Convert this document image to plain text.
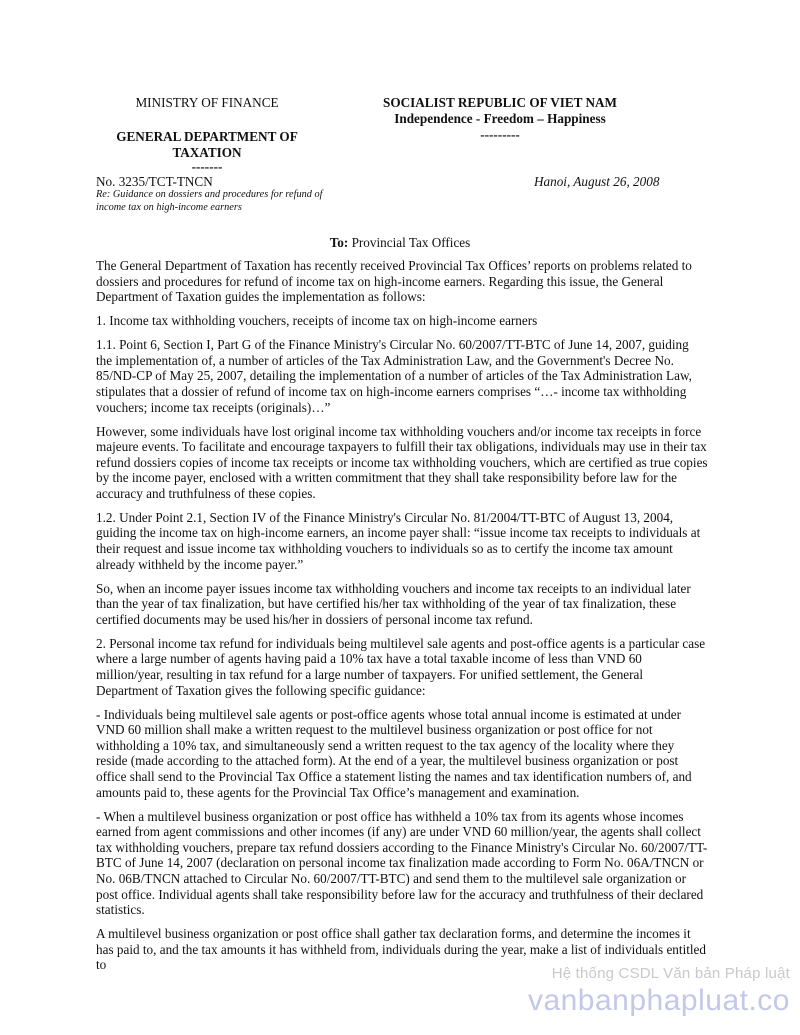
MINISTRY OF FINANCE
GENERAL DEPARTMENT OF TAXATION
-------
SOCIALIST REPUBLIC OF VIET NAM
Independence - Freedom – Happiness
---------
No. 3235/TCT-TNCN	Hanoi, August 26, 2008
Re: Guidance on dossiers and procedures for refund of income tax on high-income earners
To: Provincial Tax Offices

The General Department of Taxation has recently received Provincial Tax Offices’ reports on problems related to dossiers and procedures for refund of income tax on high-income earners. Regarding this issue, the General Department of Taxation guides the implementation as follows:

1. Income tax withholding vouchers, receipts of income tax on high-income earners

1.1. Point 6, Section I, Part G of the Finance Ministry's Circular No. 60/2007/TT-BTC of June 14, 2007, guiding the implementation of, a number of articles of the Tax Administration Law, and the Government's Decree No. 85/ND-CP of May 25, 2007, detailing the implementation of a number of articles of the Tax Administration Law, stipulates that a dossier of refund of income tax on high-income earners comprises “…- income tax withholding vouchers; income tax receipts (originals)…”

However, some individuals have lost original income tax withholding vouchers and/or income tax receipts in force majeure events. To facilitate and encourage taxpayers to fulfill their tax obligations, individuals may use in their tax refund dossiers copies of income tax receipts or income tax withholding vouchers, which are certified as true copies by the income payer, enclosed with a written commitment that they shall take responsibility before law for the accuracy and truthfulness of these copies.

1.2. Under Point 2.1, Section IV of the Finance Ministry's Circular No. 81/2004/TT-BTC of August 13, 2004, guiding the income tax on high-income earners, an income payer shall: “issue income tax receipts to individuals at their request and issue income tax withholding vouchers to individuals so as to certify the income tax amount already withheld by the income payer.”

So, when an income payer issues income tax withholding vouchers and income tax receipts to an individual later than the year of tax finalization, but have certified his/her tax withholding of the year of tax finalization, these certified documents may be used his/her in dossiers of personal income tax refund.

2. Personal income tax refund for individuals being multilevel sale agents and post-office agents is a particular case where a large number of agents having paid a 10% tax have a total taxable income of less than VND 60 million/year, resulting in tax refund for a large number of taxpayers. For unified settlement, the General Department of Taxation gives the following specific guidance:

- Individuals being multilevel sale agents or post-office agents whose total annual income is estimated at under VND 60 million shall make a written request to the multilevel business organization or post office for not withholding a 10% tax, and simultaneously send a written request to the tax agency of the locality where they reside (made according to the attached form). At the end of a year, the multilevel business organization or post office shall send to the Provincial Tax Office a statement listing the names and tax identification numbers of, and amounts paid to, these agents for the Provincial Tax Office’s management and examination.

- When a multilevel business organization or post office has withheld a 10% tax from its agents whose incomes earned from agent commissions and other incomes (if any) are under VND 60 million/year, the agents shall collect tax withholding vouchers, prepare tax refund dossiers according to the Finance Ministry's Circular No. 60/2007/TT-BTC of June 14, 2007 (declaration on personal income tax finalization made according to Form No. 06A/TNCN or No. 06B/TNCN attached to Circular No. 60/2007/TT-BTC) and send them to the multilevel sale organization or post office. Individual agents shall take responsibility before law for the accuracy and truthfulness of their declared statistics.

A multilevel business organization or post office shall gather tax declaration forms, and determine the incomes it has paid to, and the tax amounts it has withheld from, individuals during the year, make a list of individuals entitled to

Hệ thống CSDL Văn bản Pháp luật
vanbanphapluat.co
